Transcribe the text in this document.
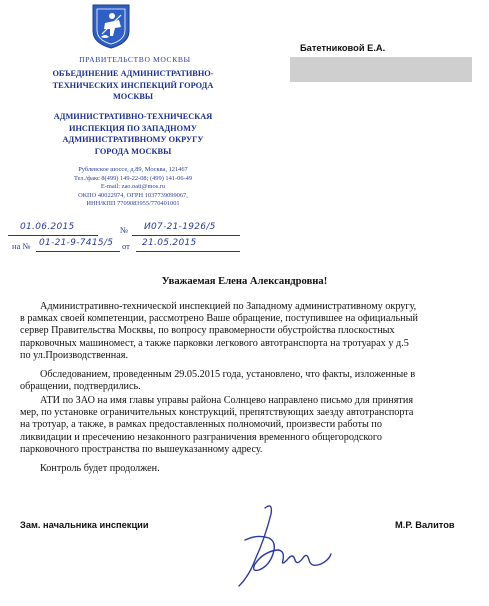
ПРАВИТЕЛЬСТВО МОСКВЫ
ОБЪЕДИНЕНИЕ АДМИНИСТРАТИВНО-
ТЕХНИЧЕСКИХ ИНСПЕКЦИЙ ГОРОДА
МОСКВЫ
АДМИНИСТРАТИВНО-ТЕХНИЧЕСКАЯ
ИНСПЕКЦИЯ ПО ЗАПАДНОМУ
АДМИНИСТРАТИВНОМУ ОКРУГУ
ГОРОДА МОСКВЫ
Рублевское шоссе, д.89, Москва, 121467
Тел./факс 8(499) 149-22-08; (499) 141-06-49
E-mail: zao.oati@mos.ru
ОКПО 40022974, ОГРН 1037739099067,
ИНН/КПП 7709083955/770401001
Батетниковой Е.А.
01.06.2015	№ И07-21-1926/5
на № 01-21-9-7415/5 от 21.05.2015
Уважаемая Елена Александровна!
Административно-технической инспекцией по Западному административному округу,
в рамках своей компетенции, рассмотрено Ваше обращение, поступившее на официальный
сервер Правительства Москвы, по вопросу правомерности обустройства плоскостных
парковочных машиномест, а также парковки легкового автотранспорта на тротуарах у д.5
по ул.Производственная.
Обследованием, проведенным 29.05.2015 года, установлено, что факты, изложенные в
обращении, подтвердились.
АТИ по ЗАО на имя главы управы района Солнцево направлено письмо для принятия
мер, по установке ограничительных конструкций, препятствующих заезду автотранспорта
на тротуар, а также, в рамках предоставленных полномочий, произвести работы по
ликвидации и пресечению незаконного разграничения временного общегородского
парковочного пространства по вышеуказанному адресу.
Контроль будет продолжен.
Зам. начальника инспекции	М.Р. Валитов
